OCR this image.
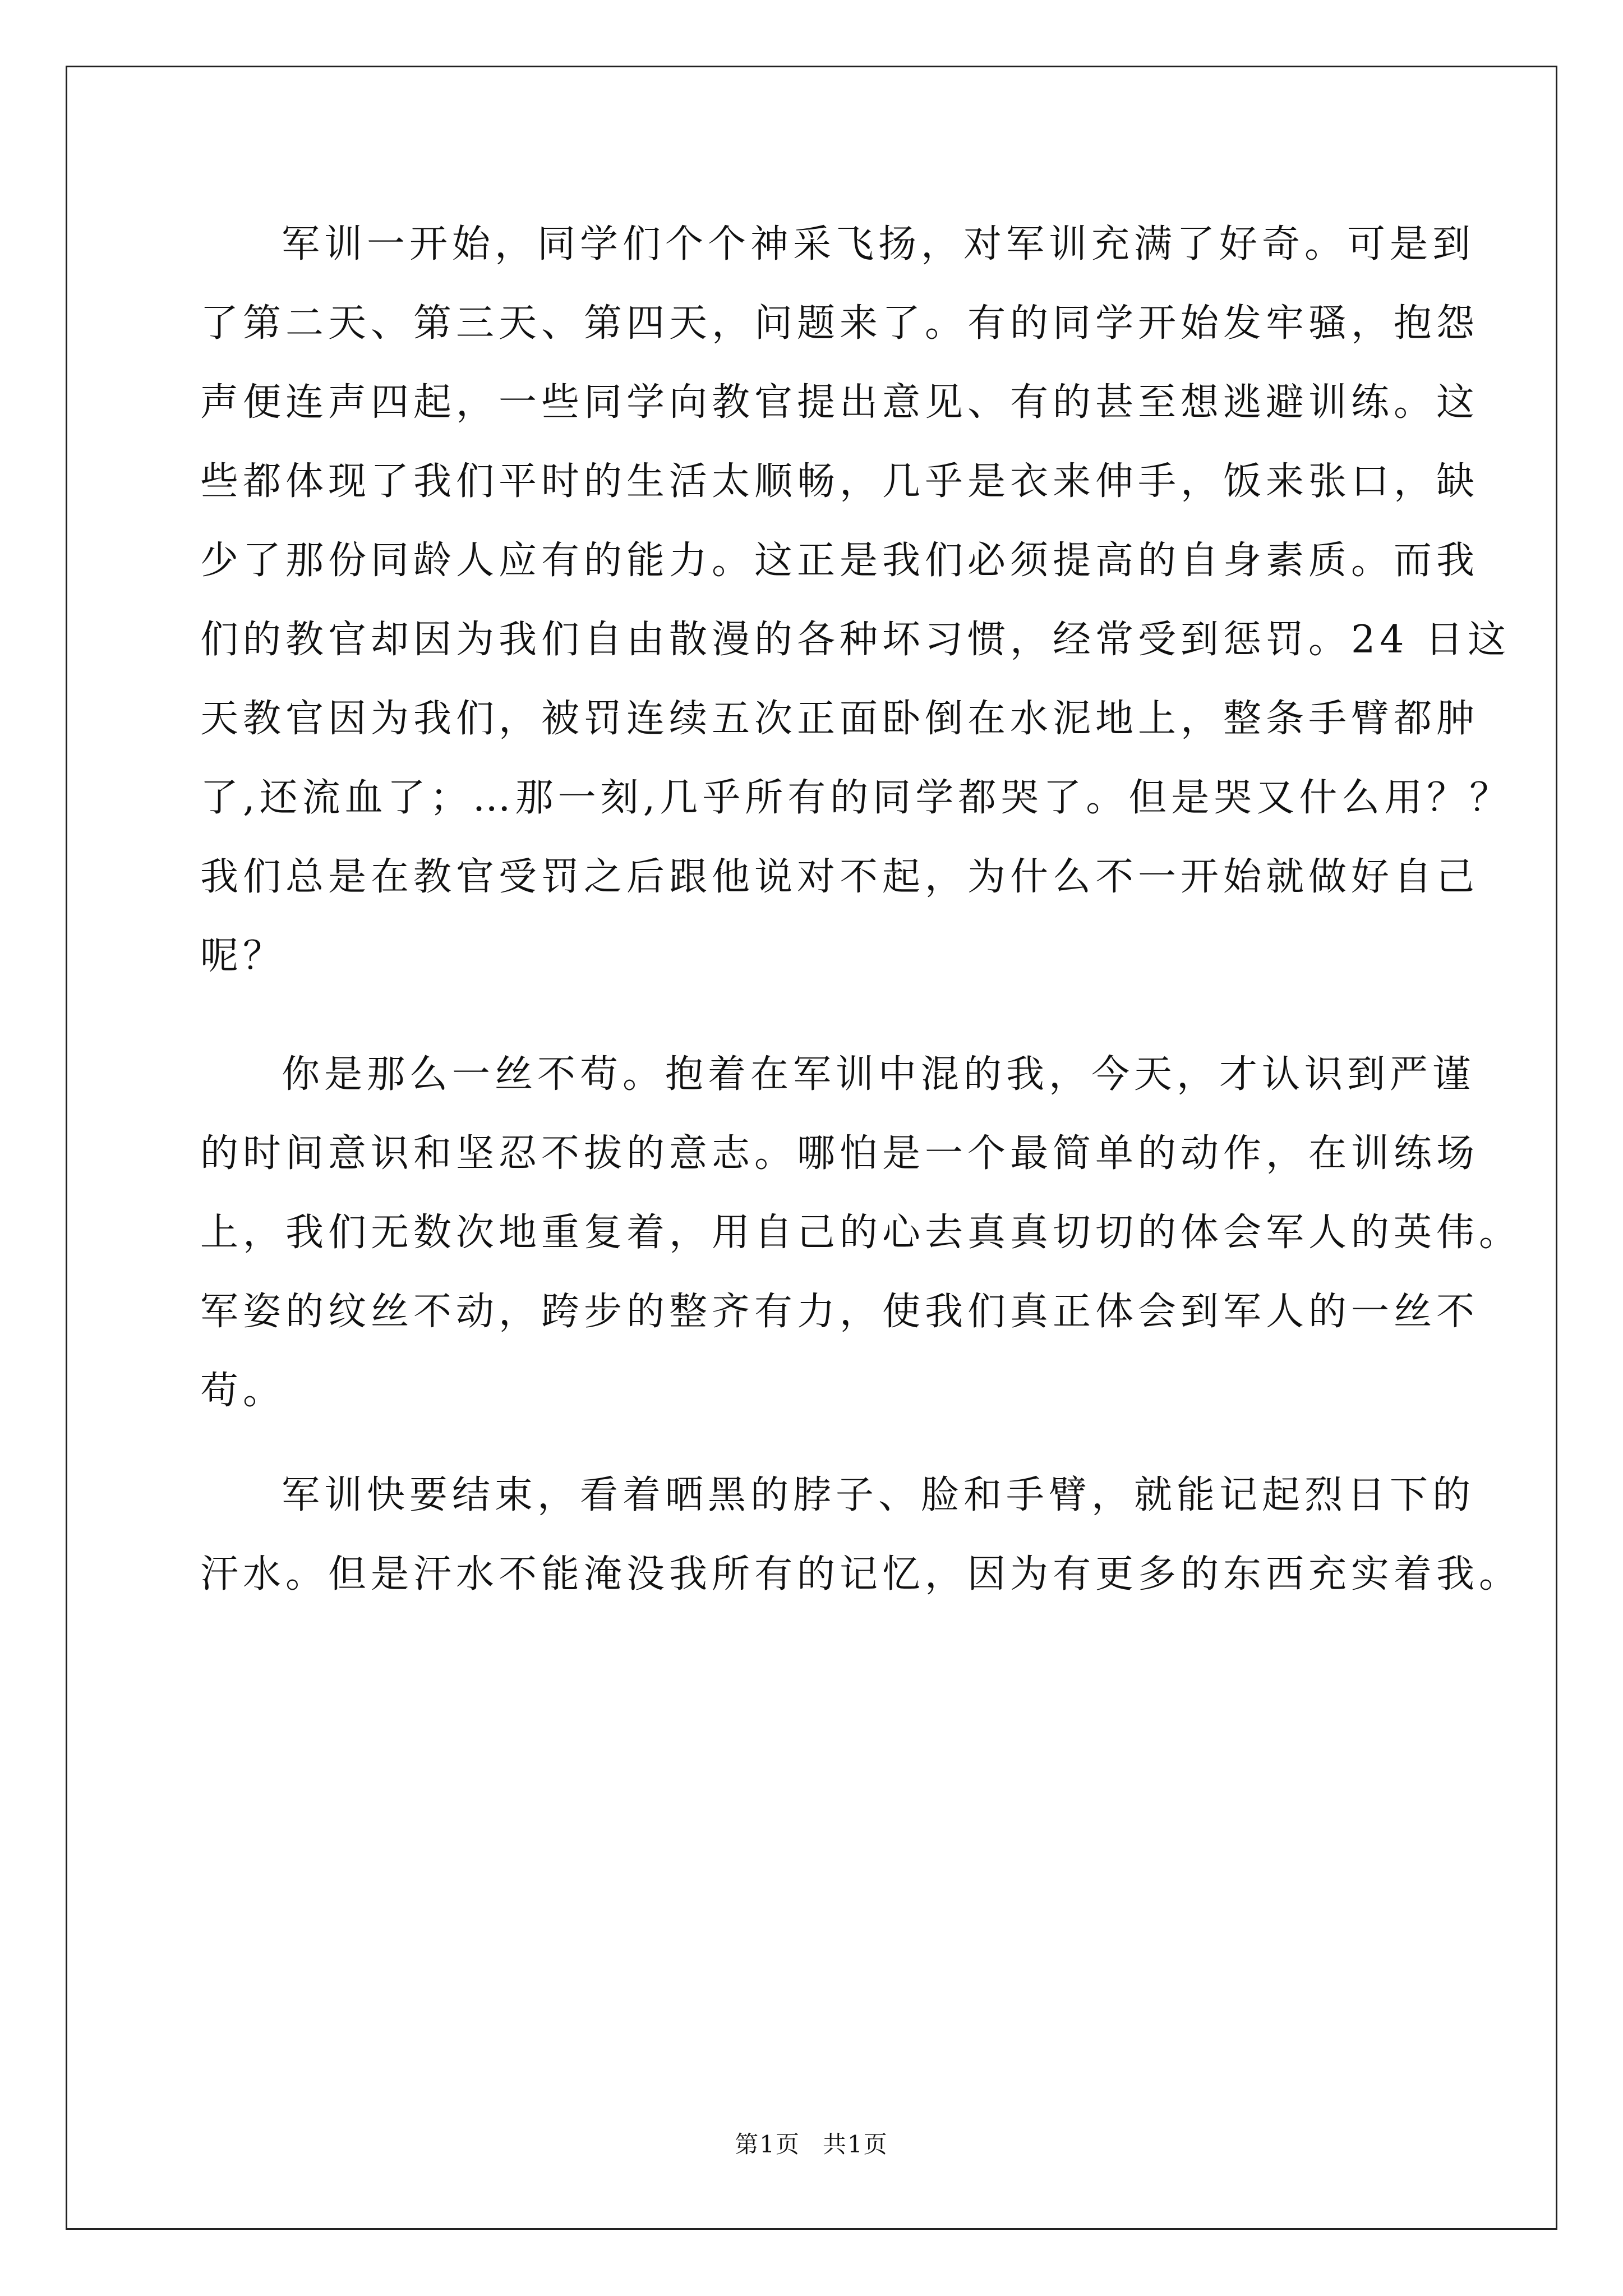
军训一开始，同学们个个神采飞扬，对军训充满了好奇。可是到
了第二天、第三天、第四天，问题来了。有的同学开始发牢骚，抱怨
声便连声四起，一些同学向教官提出意见、有的甚至想逃避训练。这
些都体现了我们平时的生活太顺畅，几乎是衣来伸手，饭来张口，缺
少了那份同龄人应有的能力。这正是我们必须提高的自身素质。而我
们的教官却因为我们自由散漫的各种坏习惯，经常受到惩罚。24 日这
天教官因为我们，被罚连续五次正面卧倒在水泥地上，整条手臂都肿
了,还流血了；…那一刻,几乎所有的同学都哭了。但是哭又什么用？？
我们总是在教官受罚之后跟他说对不起，为什么不一开始就做好自己
呢？
你是那么一丝不苟。抱着在军训中混的我，今天，才认识到严谨
的时间意识和坚忍不拔的意志。哪怕是一个最简单的动作，在训练场
上，我们无数次地重复着，用自己的心去真真切切的体会军人的英伟。
军姿的纹丝不动，跨步的整齐有力，使我们真正体会到军人的一丝不
苟。
军训快要结束，看着晒黑的脖子、脸和手臂，就能记起烈日下的
汗水。但是汗水不能淹没我所有的记忆，因为有更多的东西充实着我。
第1页 共1页
